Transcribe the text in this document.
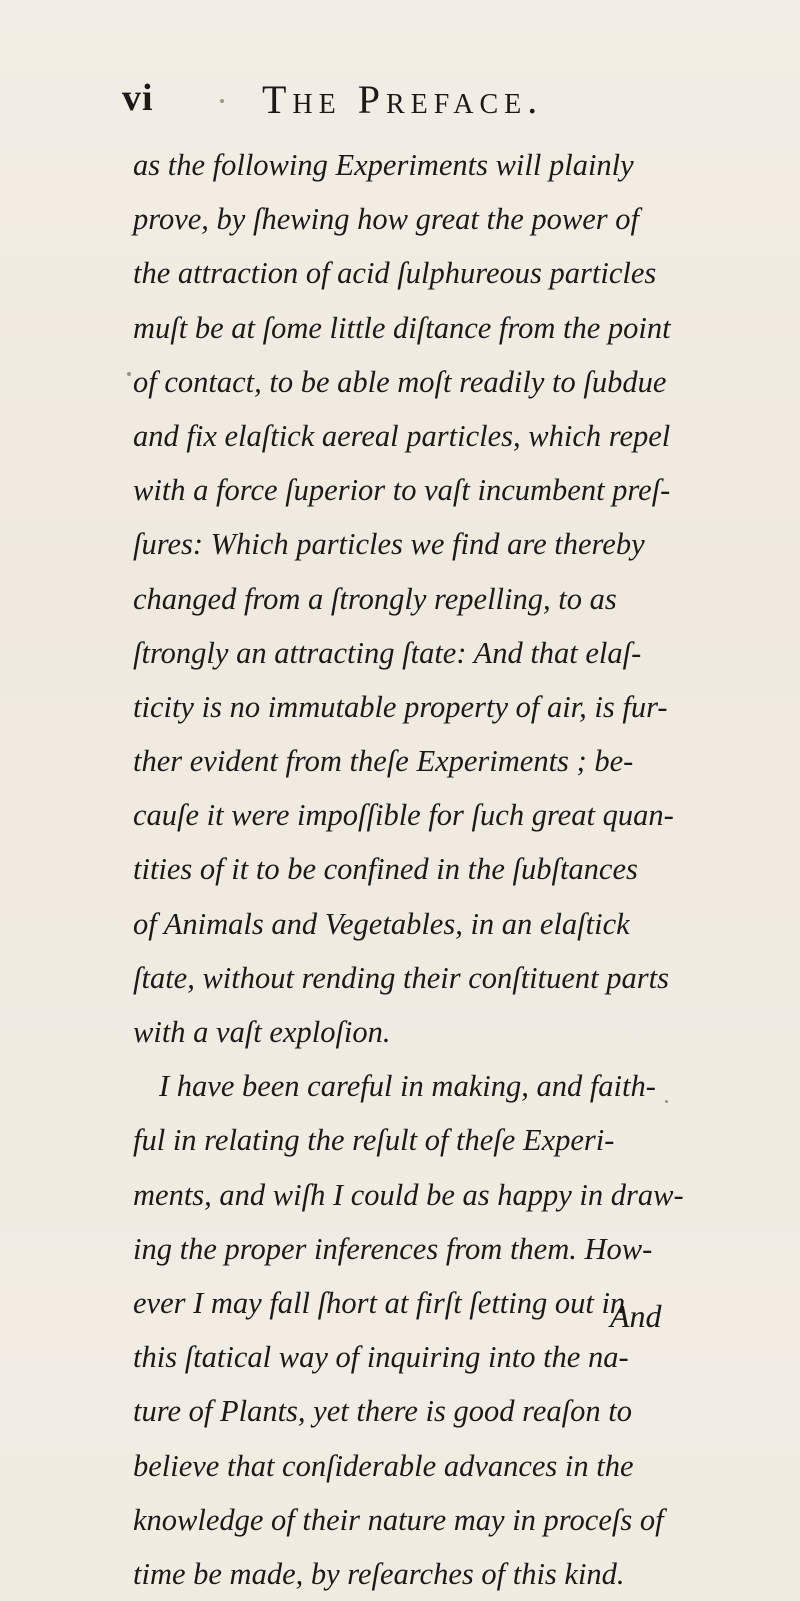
vi	The Preface.
as the following Experiments will plainly
prove, by ſhewing how great the power of
the attraction of acid ſulphureous particles
muſt be at ſome little diſtance from the point
of contact, to be able moſt readily to ſubdue
and fix elaſtick aereal particles, which repel
with a force ſuperior to vaſt incumbent preſ-
ſures: Which particles we find are thereby
changed from a ſtrongly repelling, to as
ſtrongly an attracting ſtate: And that elaſ-
ticity is no immutable property of air, is fur-
ther evident from theſe Experiments ; be-
cauſe it were impoſſible for ſuch great quan-
tities of it to be confined in the ſubſtances
of Animals and Vegetables, in an elaſtick
ſtate, without rending their conſtituent parts
with a vaſt exploſion.
I have been careful in making, and faith-
ful in relating the reſult of theſe Experi-
ments, and wiſh I could be as happy in draw-
ing the proper inferences from them. How-
ever I may fall ſhort at firſt ſetting out in
this ſtatical way of inquiring into the na-
ture of Plants, yet there is good reaſon to
believe that conſiderable advances in the
knowledge of their nature may in proceſs of
time be made, by reſearches of this kind.
And
